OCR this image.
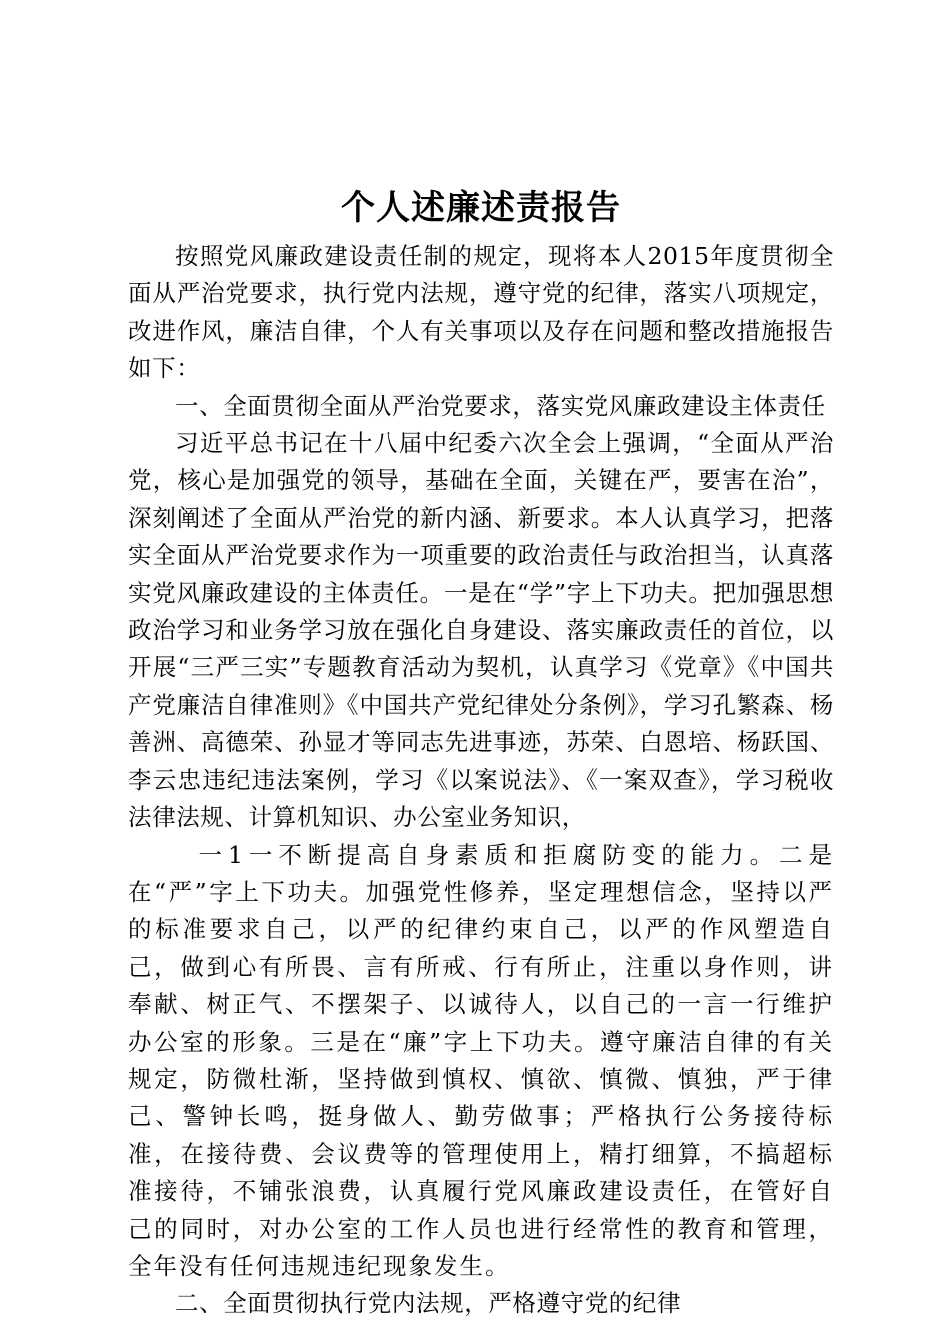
个人述廉述责报告

按照党风廉政建设责任制的规定，现将本人2015年度贯彻全面从严治党要求，执行党内法规，遵守党的纪律，落实八项规定，改进作风，廉洁自律，个人有关事项以及存在问题和整改措施报告如下：

一、全面贯彻全面从严治党要求，落实党风廉政建设主体责任

习近平总书记在十八届中纪委六次全会上强调，“全面从严治党，核心是加强党的领导，基础在全面，关键在严，要害在治”，深刻阐述了全面从严治党的新内涵、新要求。本人认真学习，把落实全面从严治党要求作为一项重要的政治责任与政治担当，认真落实党风廉政建设的主体责任。一是在“学”字上下功夫。把加强思想政治学习和业务学习放在强化自身建设、落实廉政责任的首位，以开展“三严三实”专题教育活动为契机，认真学习《党章》《中国共产党廉洁自律准则》《中国共产党纪律处分条例》，学习孔繁森、杨善洲、高德荣、孙显才等同志先进事迹，苏荣、白恩培、杨跃国、李云忠违纪违法案例，学习《以案说法》、《一案双查》，学习税收法律法规、计算机知识、办公室业务知识，

一1一不断提高自身素质和拒腐防变的能力。二是在“严”字上下功夫。加强党性修养，坚定理想信念，坚持以严的标准要求自己，以严的纪律约束自己，以严的作风塑造自己，做到心有所畏、言有所戒、行有所止，注重以身作则，讲奉献、树正气、不摆架子、以诚待人，以自己的一言一行维护办公室的形象。三是在“廉”字上下功夫。遵守廉洁自律的有关规定，防微杜渐，坚持做到慎权、慎欲、慎微、慎独，严于律己、警钟长鸣，挺身做人、勤劳做事；严格执行公务接待标准，在接待费、会议费等的管理使用上，精打细算，不搞超标准接待，不铺张浪费，认真履行党风廉政建设责任，在管好自己的同时，对办公室的工作人员也进行经常性的教育和管理，全年没有任何违规违纪现象发生。

二、全面贯彻执行党内法规，严格遵守党的纪律
